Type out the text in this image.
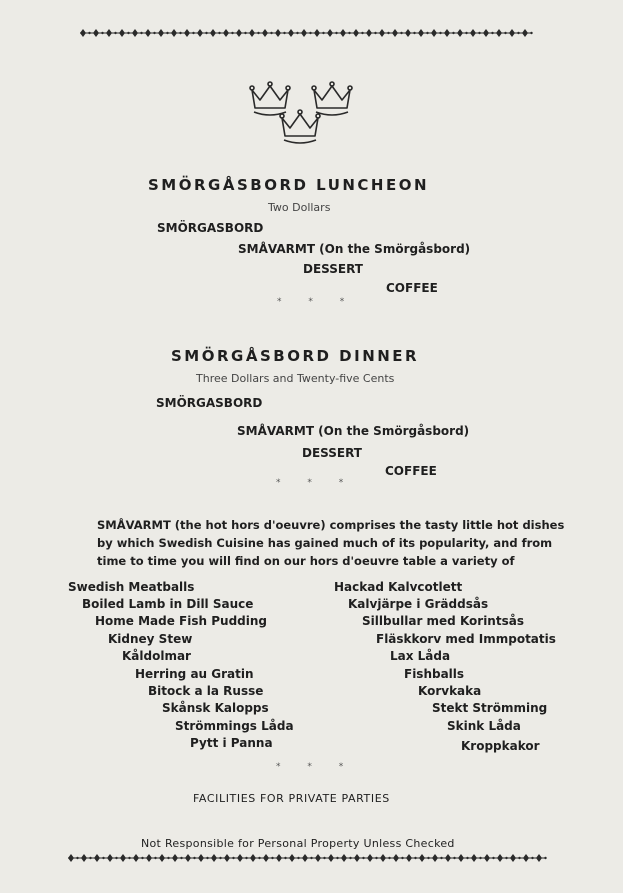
SMÖRGÅSBORD LUNCHEON
Two Dollars
SMÖRGASBORD
SMÅVARMT (On the Smörgåsbord)
DESSERT
COFFEE
* * *
SMÖRGÅSBORD DINNER
Three Dollars and Twenty-five Cents
SMÖRGASBORD
SMÅVARMT (On the Smörgåsbord)
DESSERT
COFFEE
* * *
SMÅVARMT (the hot hors d'oeuvre) comprises the tasty little hot dishes
by which Swedish Cuisine has gained much of its popularity, and from
time to time you will find on our hors d'oeuvre table a variety of
Swedish Meatballs
Boiled Lamb in Dill Sauce
Home Made Fish Pudding
Kidney Stew
Kåldolmar
Herring au Gratin
Bitock a la Russe
Skånsk Kalopps
Strömmings Låda
Pytt i Panna
Hackad Kalvcotlett
Kalvjärpe i Gräddsås
Sillbullar med Korintsås
Fläskkorv med Immpotatis
Lax Låda
Fishballs
Korvkaka
Stekt Strömming
Skink Låda
Kroppkakor
* * *
FACILITIES FOR PRIVATE PARTIES
Not Responsible for Personal Property Unless Checked
